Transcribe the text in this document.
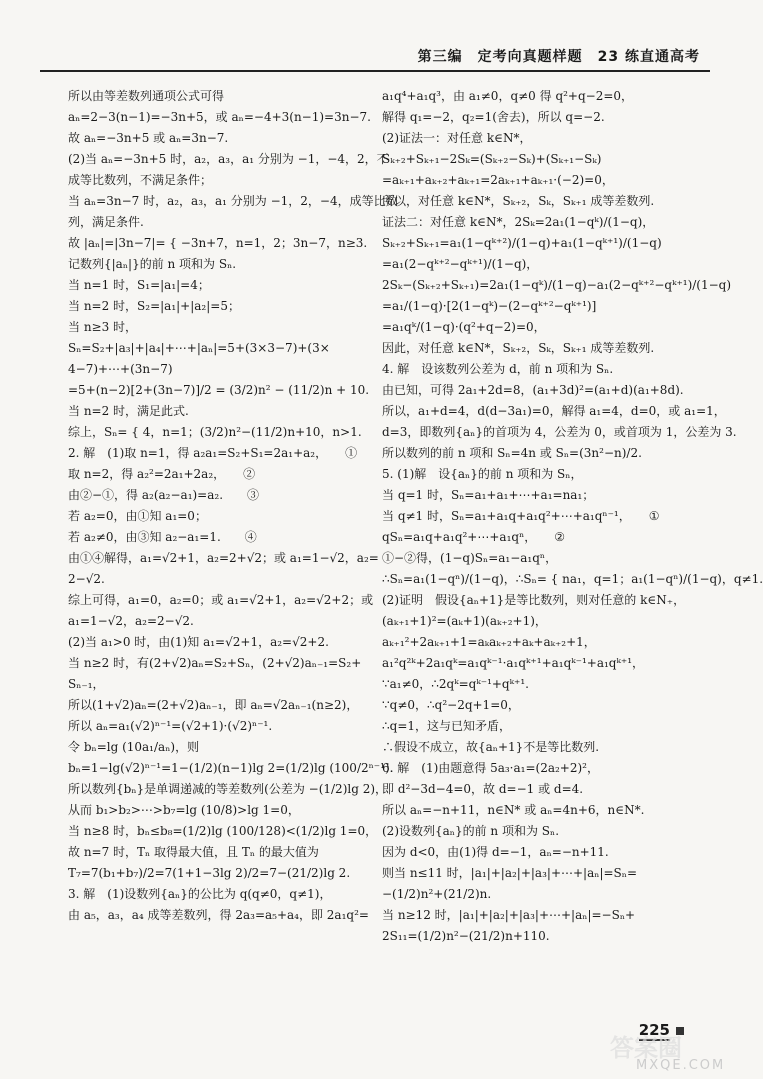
第三编　定考向真题样题　23 练直通高考
所以由等差数列通项公式可得
aₙ=2−3(n−1)=−3n+5，或 aₙ=−4+3(n−1)=3n−7.
故 aₙ=−3n+5 或 aₙ=3n−7.
(2)当 aₙ=−3n+5 时，a₂，a₃，a₁ 分别为 −1，−4，2，不
成等比数列，不满足条件；
当 aₙ=3n−7 时，a₂，a₃，a₁ 分别为 −1，2，−4，成等比数
列，满足条件.
故 |aₙ|=|3n−7|= { −3n+7，n=1，2；3n−7，n≥3.
记数列{|aₙ|}的前 n 项和为 Sₙ.
当 n=1 时，S₁=|a₁|=4；
当 n=2 时，S₂=|a₁|+|a₂|=5；
当 n≥3 时，
Sₙ=S₂+|a₃|+|a₄|+⋯+|aₙ|=5+(3×3−7)+(3×
4−7)+⋯+(3n−7)
=5+(n−2)[2+(3n−7)]/2 = (3/2)n² − (11/2)n + 10.
当 n=2 时，满足此式.
综上，Sₙ= { 4，n=1；(3/2)n²−(11/2)n+10，n>1.
2. 解　(1)取 n=1，得 a₂a₁=S₂+S₁=2a₁+a₂，　　①
取 n=2，得 a₂²=2a₁+2a₂，　　②
由②−①，得 a₂(a₂−a₁)=a₂.　　③
若 a₂=0，由①知 a₁=0；
若 a₂≠0，由③知 a₂−a₁=1.　　④
由①④解得，a₁=√2+1，a₂=2+√2；或 a₁=1−√2，a₂=
2−√2.
综上可得，a₁=0，a₂=0；或 a₁=√2+1，a₂=√2+2；或
a₁=1−√2，a₂=2−√2.
(2)当 a₁>0 时，由(1)知 a₁=√2+1，a₂=√2+2.
当 n≥2 时，有(2+√2)aₙ=S₂+Sₙ，(2+√2)aₙ₋₁=S₂+
Sₙ₋₁，
所以(1+√2)aₙ=(2+√2)aₙ₋₁，即 aₙ=√2aₙ₋₁(n≥2)，
所以 aₙ=a₁(√2)ⁿ⁻¹=(√2+1)·(√2)ⁿ⁻¹.
令 bₙ=lg (10a₁/aₙ)，则
bₙ=1−lg(√2)ⁿ⁻¹=1−(1/2)(n−1)lg 2=(1/2)lg (100/2ⁿ⁻¹).
所以数列{bₙ}是单调递减的等差数列(公差为 −(1/2)lg 2)，
从而 b₁>b₂>⋯>b₇=lg (10/8)>lg 1=0，
当 n≥8 时，bₙ≤b₈=(1/2)lg (100/128)<(1/2)lg 1=0，
故 n=7 时，Tₙ 取得最大值，且 Tₙ 的最大值为
T₇=7(b₁+b₇)/2=7(1+1−3lg 2)/2=7−(21/2)lg 2.
3. 解　(1)设数列{aₙ}的公比为 q(q≠0，q≠1)，
由 a₅，a₃，a₄ 成等差数列，得 2a₃=a₅+a₄，即 2a₁q²=
a₁q⁴+a₁q³，由 a₁≠0，q≠0 得 q²+q−2=0，
解得 q₁=−2，q₂=1(舍去)，所以 q=−2.
(2)证法一：对任意 k∈N*，
Sₖ₊₂+Sₖ₊₁−2Sₖ=(Sₖ₊₂−Sₖ)+(Sₖ₊₁−Sₖ)
=aₖ₊₁+aₖ₊₂+aₖ₊₁=2aₖ₊₁+aₖ₊₁·(−2)=0，
所以，对任意 k∈N*，Sₖ₊₂，Sₖ，Sₖ₊₁ 成等差数列.
证法二：对任意 k∈N*，2Sₖ=2a₁(1−qᵏ)/(1−q)，
Sₖ₊₂+Sₖ₊₁=a₁(1−qᵏ⁺²)/(1−q)+a₁(1−qᵏ⁺¹)/(1−q)
=a₁(2−qᵏ⁺²−qᵏ⁺¹)/(1−q)，
2Sₖ−(Sₖ₊₂+Sₖ₊₁)=2a₁(1−qᵏ)/(1−q)−a₁(2−qᵏ⁺²−qᵏ⁺¹)/(1−q)
=a₁/(1−q)·[2(1−qᵏ)−(2−qᵏ⁺²−qᵏ⁺¹)]
=a₁qᵏ/(1−q)·(q²+q−2)=0，
因此，对任意 k∈N*，Sₖ₊₂，Sₖ，Sₖ₊₁ 成等差数列.
4. 解　设该数列公差为 d，前 n 项和为 Sₙ.
由已知，可得 2a₁+2d=8，(a₁+3d)²=(a₁+d)(a₁+8d).
所以，a₁+d=4，d(d−3a₁)=0，解得 a₁=4，d=0，或 a₁=1，
d=3，即数列{aₙ}的首项为 4，公差为 0，或首项为 1，公差为 3.
所以数列的前 n 项和 Sₙ=4n 或 Sₙ=(3n²−n)/2.
5. (1)解　设{aₙ}的前 n 项和为 Sₙ，
当 q=1 时，Sₙ=a₁+a₁+⋯+a₁=na₁；
当 q≠1 时，Sₙ=a₁+a₁q+a₁q²+⋯+a₁qⁿ⁻¹，　　①
qSₙ=a₁q+a₁q²+⋯+a₁qⁿ，　　②
①−②得，(1−q)Sₙ=a₁−a₁qⁿ，
∴Sₙ=a₁(1−qⁿ)/(1−q)，∴Sₙ= { na₁，q=1；a₁(1−qⁿ)/(1−q)，q≠1.
(2)证明　假设{aₙ+1}是等比数列，则对任意的 k∈N₊，
(aₖ₊₁+1)²=(aₖ+1)(aₖ₊₂+1)，
aₖ₊₁²+2aₖ₊₁+1=aₖaₖ₊₂+aₖ+aₖ₊₂+1，
a₁²q²ᵏ+2a₁qᵏ=a₁qᵏ⁻¹·a₁qᵏ⁺¹+a₁qᵏ⁻¹+a₁qᵏ⁺¹，
∵a₁≠0，∴2qᵏ=qᵏ⁻¹+qᵏ⁺¹.
∵q≠0，∴q²−2q+1=0，
∴q=1，这与已知矛盾，
∴假设不成立，故{aₙ+1}不是等比数列.
6. 解　(1)由题意得 5a₃·a₁=(2a₂+2)²，
即 d²−3d−4=0，故 d=−1 或 d=4.
所以 aₙ=−n+11，n∈N* 或 aₙ=4n+6，n∈N*.
(2)设数列{aₙ}的前 n 项和为 Sₙ.
因为 d<0，由(1)得 d=−1，aₙ=−n+11.
则当 n≤11 时，|a₁|+|a₂|+|a₃|+⋯+|aₙ|=Sₙ=
−(1/2)n²+(21/2)n.
当 n≥12 时，|a₁|+|a₂|+|a₃|+⋯+|aₙ|=−Sₙ+
2S₁₁=(1/2)n²−(21/2)n+110.
225
答案圈
MXQE.COM
